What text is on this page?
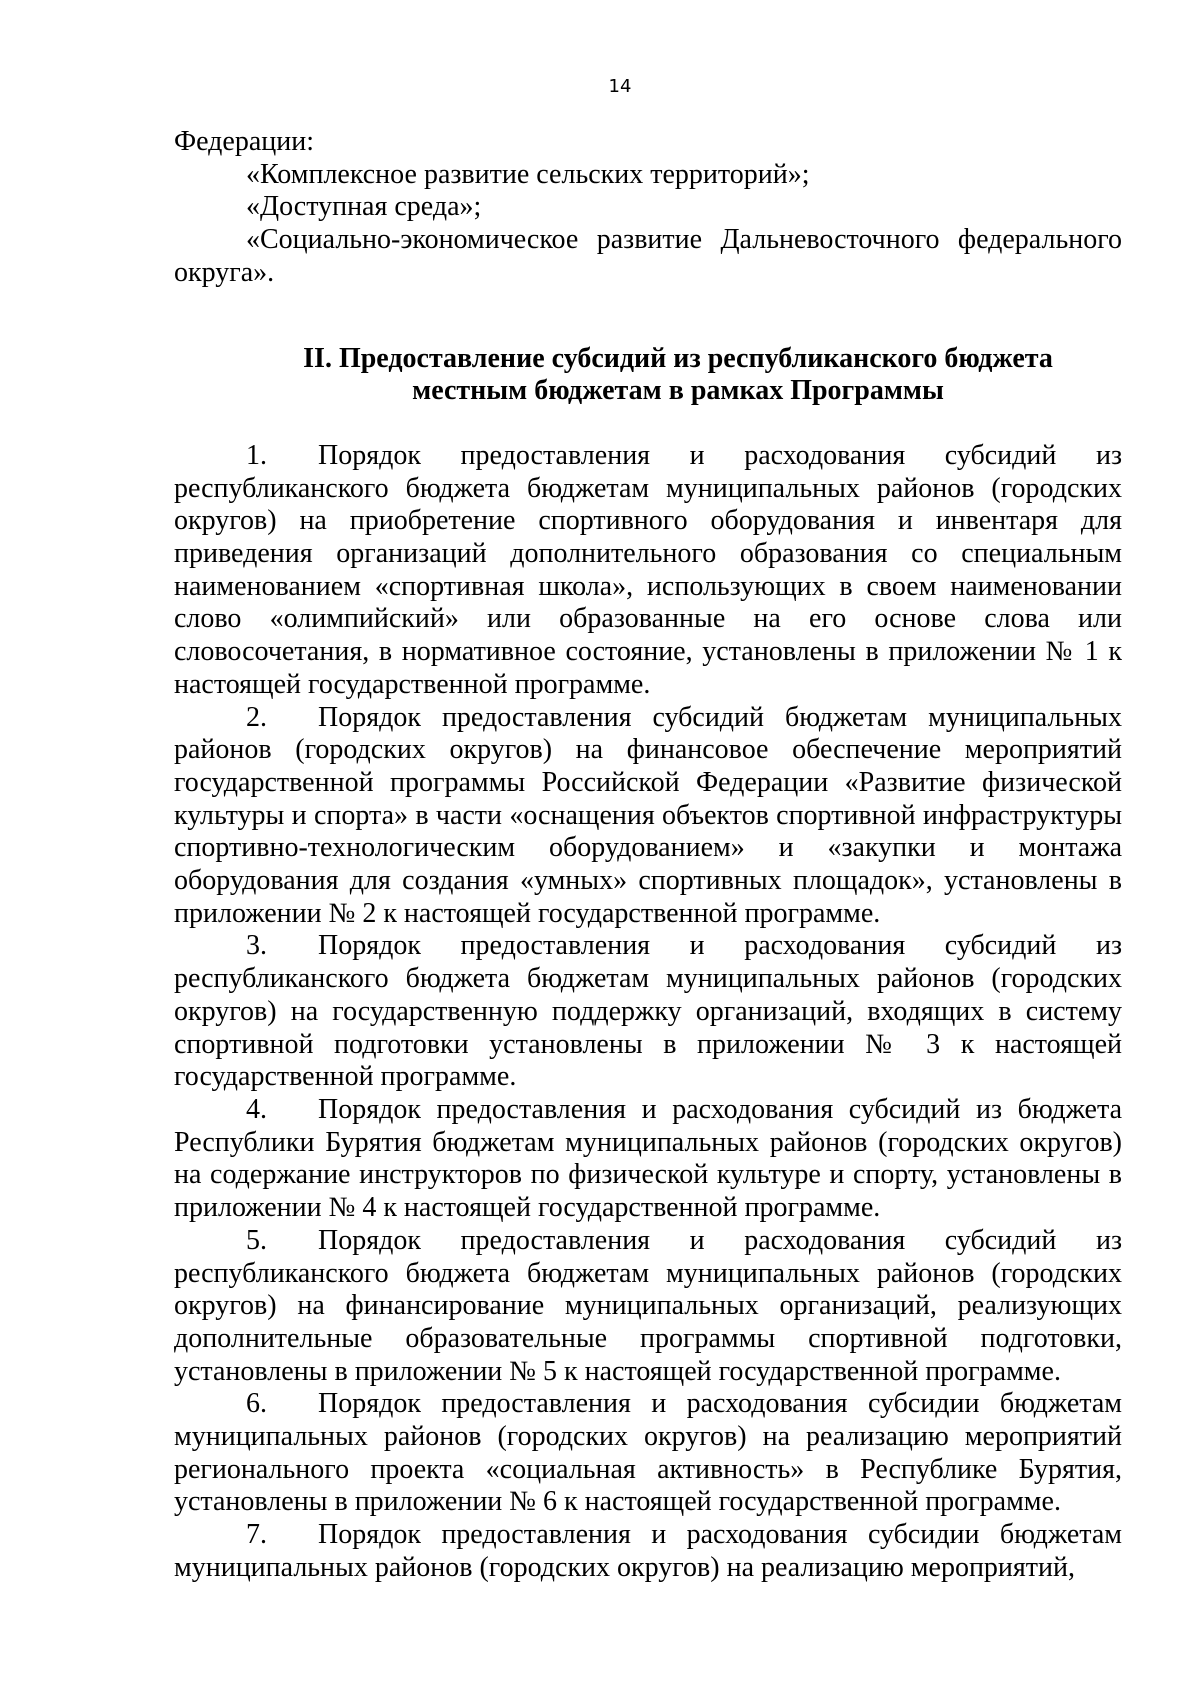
14

Федерации:

«Комплексное развитие сельских территорий»;

«Доступная среда»;

«Социально-экономическое развитие Дальневосточного федерального округа».

II. Предоставление субсидий из республиканского бюджета
местным бюджетам в рамках Программы

1. Порядок предоставления и расходования субсидий из республиканского бюджета бюджетам муниципальных районов (городских округов) на приобретение спортивного оборудования и инвентаря для приведения организаций дополнительного образования со специальным наименованием «спортивная школа», использующих в своем наименовании слово «олимпийский» или образованные на его основе слова или словосочетания, в нормативное состояние, установлены в приложении № 1 к настоящей государственной программе.

2. Порядок предоставления субсидий бюджетам муниципальных районов (городских округов) на финансовое обеспечение мероприятий государственной программы Российской Федерации «Развитие физической культуры и спорта» в части «оснащения объектов спортивной инфраструктуры спортивно-технологическим оборудованием» и «закупки и монтажа оборудования для создания «умных» спортивных площадок», установлены в приложении № 2 к настоящей государственной программе.

3. Порядок предоставления и расходования субсидий из республиканского бюджета бюджетам муниципальных районов (городских округов) на государственную поддержку организаций, входящих в систему спортивной подготовки установлены в приложении № 3 к настоящей государственной программе.

4. Порядок предоставления и расходования субсидий из бюджета Республики Бурятия бюджетам муниципальных районов (городских округов) на содержание инструкторов по физической культуре и спорту, установлены в приложении № 4 к настоящей государственной программе.

5. Порядок предоставления и расходования субсидий из республиканского бюджета бюджетам муниципальных районов (городских округов) на финансирование муниципальных организаций, реализующих дополнительные образовательные программы спортивной подготовки, установлены в приложении № 5 к настоящей государственной программе.

6. Порядок предоставления и расходования субсидии бюджетам муниципальных районов (городских округов) на реализацию мероприятий регионального проекта «социальная активность» в Республике Бурятия, установлены в приложении № 6 к настоящей государственной программе.

7. Порядок предоставления и расходования субсидии бюджетам муниципальных районов (городских округов) на реализацию мероприятий,
